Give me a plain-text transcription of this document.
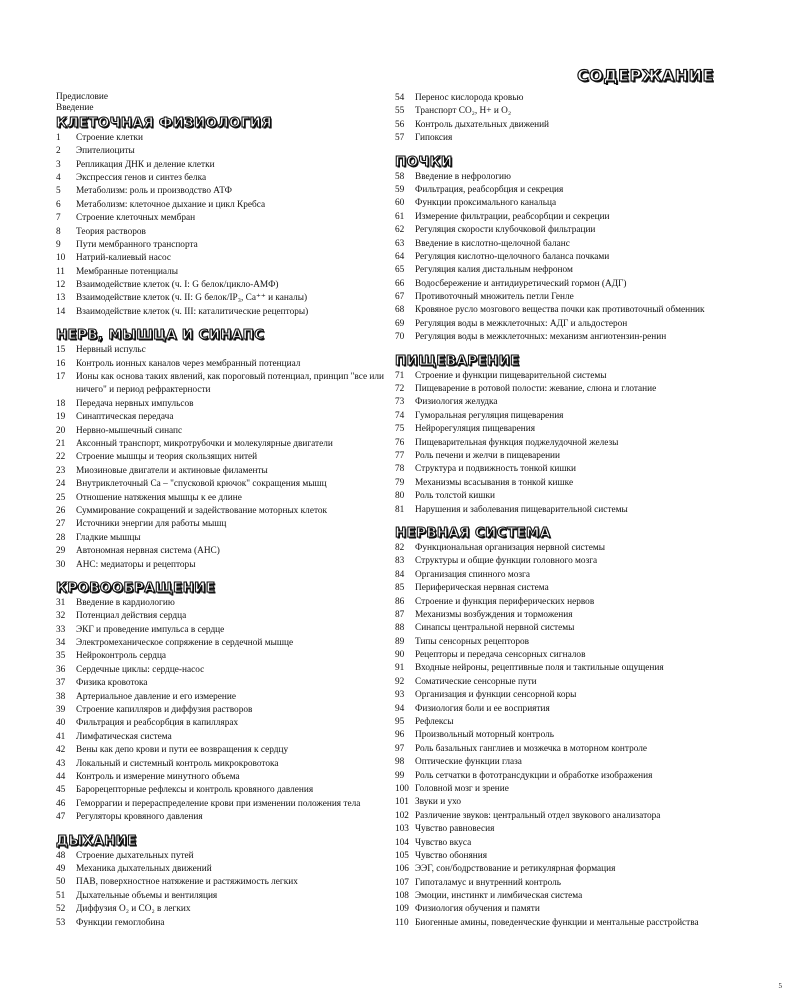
СОДЕРЖАНИЕ
Предисловие
Введение
КЛЕТОЧНАЯ ФИЗИОЛОГИЯ
1	Строение клетки
2	Эпителиоциты
3	Репликация ДНК и деление клетки
4	Экспрессия генов и синтез белка
5	Метаболизм: роль и производство АТФ
6	Метаболизм: клеточное дыхание и цикл Кребса
7	Строение клеточных мембран
8	Теория растворов
9	Пути мембранного транспорта
10	Натрий-калиевый насос
11	Мембранные потенциалы
12	Взаимодействие клеток (ч. I: G белок/цикло-АМФ)
13	Взаимодействие клеток (ч. II: G белок/IP₃, Ca⁺⁺ и каналы)
14	Взаимодействие клеток (ч. III: каталитические рецепторы)
НЕРВ, МЫШЦА И СИНАПС
15	Нервный испульс
16	Контроль ионных каналов через мембранный потенциал
17	Ионы как основа таких явлений, как пороговый потенциал, принцип "все или ничего" и период рефрактерности
18	Передача нервных импульсов
19	Синаптическая передача
20	Нервно-мышечный синапс
21	Аксонный транспорт, микротрубочки и молекулярные двигатели
22	Строение мышцы и теория скользящих нитей
23	Миозиновые двигатели и актиновые филаменты
24	Внутриклеточный Ca – "спусковой крючок" сокращения мышц
25	Отношение натяжения мышцы к ее длине
26	Суммирование сокращений и задействование моторных клеток
27	Источники энергии для работы мышц
28	Гладкие мышцы
29	Автономная нервная система (АНС)
30	АНС: медиаторы и рецепторы
КРОВООБРАЩЕНИЕ
31	Введение в кардиологию
32	Потенциал действия сердца
33	ЭКГ и проведение импульса в сердце
34	Электромеханическое сопряжение в сердечной мышце
35	Нейроконтроль сердца
36	Сердечные циклы: сердце-насос
37	Физика кровотока
38	Артериальное давление и его измерение
39	Строение капилляров и диффузия растворов
40	Фильтрация и реабсорбция в капиллярах
41	Лимфатическая система
42	Вены как депо крови и пути ее возвращения к сердцу
43	Локальный и системный контроль микрокровотока
44	Контроль и измерение минутного объема
45	Барорецепторные рефлексы и контроль кровяного давления
46	Геморрагии и перераспределение крови при изменении положения тела
47	Регуляторы кровяного давления
ДЫХАНИЕ
48	Строение дыхательных путей
49	Механика дыхательных движений
50	ПАВ, поверхностное натяжение и растяжимость легких
51	Дыхательные объемы и вентиляция
52	Диффузия O₂ и CO₂ в легких
53	Функции гемоглобина
54	Перенос кислорода кровью
55	Транспорт CO₂, H+ и O₂
56	Контроль дыхательных движений
57	Гипоксия
ПОЧКИ
58	Введение в нефрологию
59	Фильтрация, реабсорбция и секреция
60	Функции проксимального канальца
61	Измерение фильтрации, реабсорбции и секреции
62	Регуляция скорости клубочковой фильтрации
63	Введение в кислотно-щелочной баланс
64	Регуляция кислотно-щелочного баланса почками
65	Регуляция калия дистальным нефроном
66	Водосбережение и антидиуретический гормон (АДГ)
67	Противоточный множитель петли Генле
68	Кровяное русло мозгового вещества почки как противоточный обменник
69	Регуляция воды в межклеточных: АДГ и альдостерон
70	Регуляция воды в межклеточных: механизм ангиотензин-ренин
ПИЩЕВАРЕНИЕ
71	Строение и функции пищеварительной системы
72	Пищеварение в ротовой полости: жевание, слюна и глотание
73	Физиология желудка
74	Гуморальная регуляция пищеварения
75	Нейрорегуляция пищеварения
76	Пищеварительная функция поджелудочной железы
77	Роль печени и желчи в пищеварении
78	Структура и подвижность тонкой кишки
79	Механизмы всасывания в тонкой кишке
80	Роль толстой кишки
81	Нарушения и заболевания пищеварительной системы
НЕРВНАЯ СИСТЕМА
82	Функциональная организация нервной системы
83	Структуры и общие функции головного мозга
84	Организация спинного мозга
85	Периферическая нервная система
86	Строение и функция периферических нервов
87	Механизмы возбуждения и торможения
88	Синапсы центральной нервной системы
89	Типы сенсорных рецепторов
90	Рецепторы и передача сенсорных сигналов
91	Входные нейроны, рецептивные поля и тактильные ощущения
92	Соматические сенсорные пути
93	Организация и функции сенсорной коры
94	Физиология боли и ее восприятия
95	Рефлексы
96	Произвольный моторный контроль
97	Роль базальных ганглиев и мозжечка в моторном контроле
98	Оптические функции глаза
99	Роль сетчатки в фототрансдукции и обработке изображения
100 Головной мозг и зрение
101 Звуки и ухо
102 Различение звуков: центральный отдел звукового анализатора
103 Чувство равновесия
104 Чувство вкуса
105 Чувство обоняния
106 ЭЭГ, сон/бодрствование и ретикулярная формация
107 Гипоталамус и внутренний контроль
108 Эмоции, инстинкт и лимбическая система
109 Физиология обучения и памяти
110 Биогенные амины, поведенческие функции и ментальные расстройства
5
